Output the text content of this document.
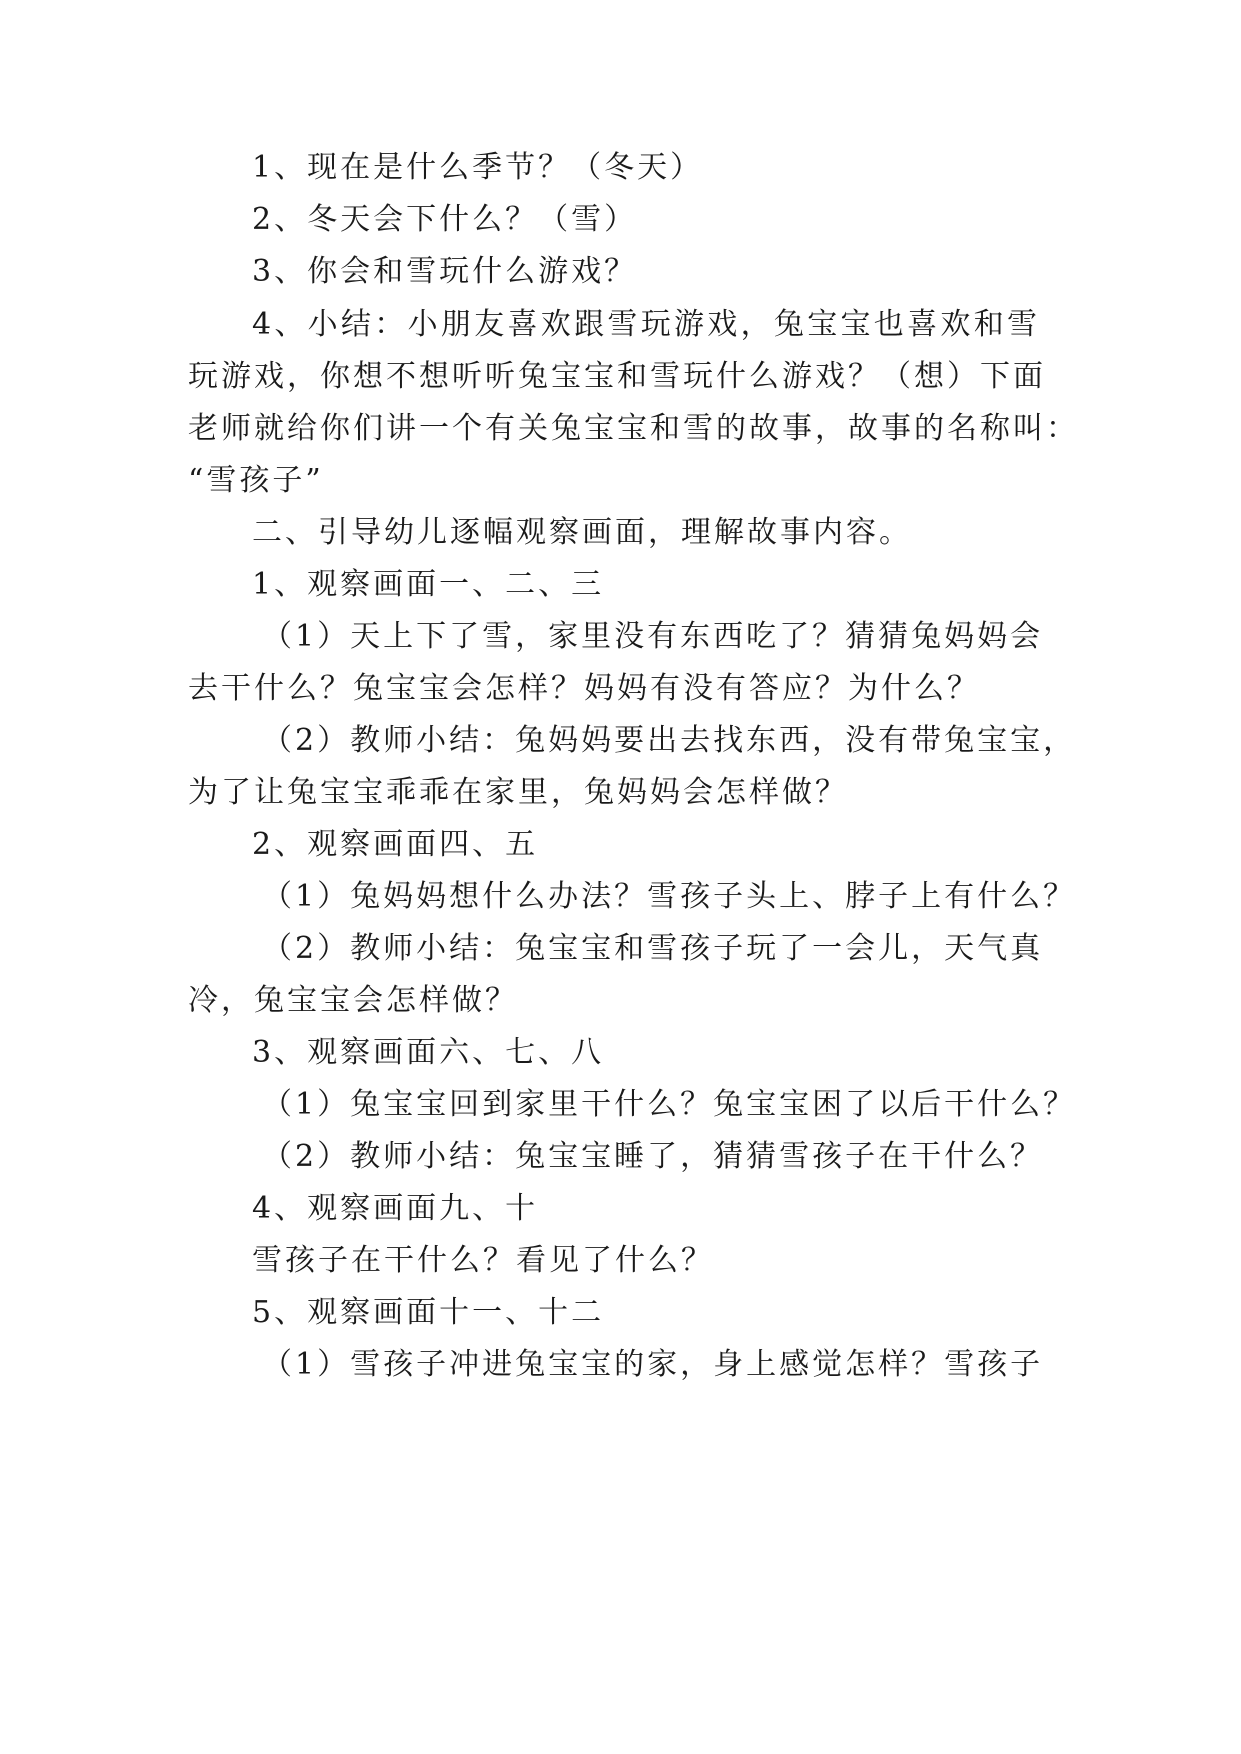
1、现在是什么季节？（冬天）
2、冬天会下什么？（雪）
3、你会和雪玩什么游戏？
4、小结：小朋友喜欢跟雪玩游戏，兔宝宝也喜欢和雪
玩游戏，你想不想听听兔宝宝和雪玩什么游戏？（想）下面
老师就给你们讲一个有关兔宝宝和雪的故事，故事的名称叫：
“雪孩子”
二、引导幼儿逐幅观察画面，理解故事内容。
1、观察画面一、二、三
（1）天上下了雪，家里没有东西吃了？猜猜兔妈妈会
去干什么？兔宝宝会怎样？妈妈有没有答应？为什么？
（2）教师小结：兔妈妈要出去找东西，没有带兔宝宝，
为了让兔宝宝乖乖在家里，兔妈妈会怎样做？
2、观察画面四、五
（1）兔妈妈想什么办法？雪孩子头上、脖子上有什么？
（2）教师小结：兔宝宝和雪孩子玩了一会儿，天气真
冷，兔宝宝会怎样做？
3、观察画面六、七、八
（1）兔宝宝回到家里干什么？兔宝宝困了以后干什么？
（2）教师小结：兔宝宝睡了，猜猜雪孩子在干什么？
4、观察画面九、十
雪孩子在干什么？看见了什么？
5、观察画面十一、十二
（1）雪孩子冲进兔宝宝的家，身上感觉怎样？雪孩子
